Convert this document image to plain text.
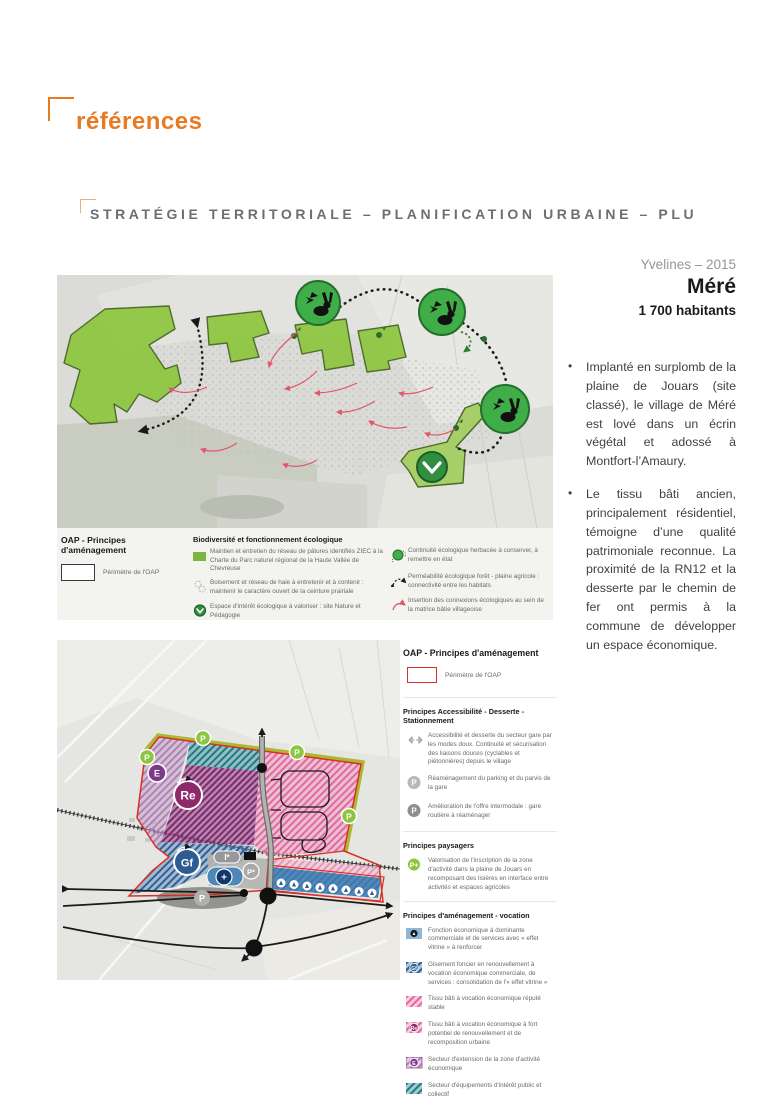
références
STRATÉGIE TERRITORIALE – PLANIFICATION URBAINE – PLU
OAP - Principes d'aménagement
Périmètre de l'OAP
Biodiversité et fonctionnement écologique
Maintien et entretien du réseau de pâtures identifiés ZIEC à la Charte du Parc naturel régional de la Haute Vallée de Chevreuse
Boisement et réseau de haie à entretenir et à contenir : maintenir le caractère ouvert de la ceinture prairiale
Espace d'intérêt écologique à valoriser : site Nature et Pédagogie
Continuité écologique herbacée à conserver, à remettre en état
Perméabilité écologique forêt - plaine agricole : connectivité entre les habitats
Insertion des connexions écologiques au sein de la matrice bâtie villageoise
Yvelines – 2015
Méré
1 700 habitants
•	Implanté en surplomb de la plaine de Jouars (site classé), le village de Méré est lové dans un écrin végétal et adossé à Montfort-l’Amaury.
•	Le tissu bâti ancien, principalement résidentiel, témoigne d’une qualité patrimoniale reconnue. La proximité de la RN12 et la desserte par le chemin de fer ont permis à la commune de développer un espace économique.
I*
+
P*
P
E
Re
Gf
P
P
P
P
OAP - Principes d'aménagement
Périmètre de l'OAP
Principes Accessibilité - Desserte - Stationnement
Accessibilité et desserte du secteur gare par les modes doux. Continuité et sécurisation des liaisons douces (cyclables et piétonnières) depuis le village
P Réaménagement du parking et du parvis de la gare
P Amélioration de l'offre intermodale : gare routière à réaménager
Principes paysagers
P+
Valorisation de l'inscription de la zone d'activité dans la plaine de Jouars en recomposant des lisières en interface entre activités et espaces agricoles
Principes d'aménagement - vocation
Fonction économique à dominante commerciale et de services avec « effet vitrine » à renforcer
Gf
Gisement foncier en renouvellement à vocation économique commerciale, de services : consolidation de l'« effet vitrine »
Tissu bâti à vocation économique réputé stable
Re
Tissu bâti à vocation économique à fort potentiel de renouvellement et de recomposition urbaine
E
Secteur d'extension de la zone d'activité économique
Secteur d'équipements d'intérêt public et collectif
